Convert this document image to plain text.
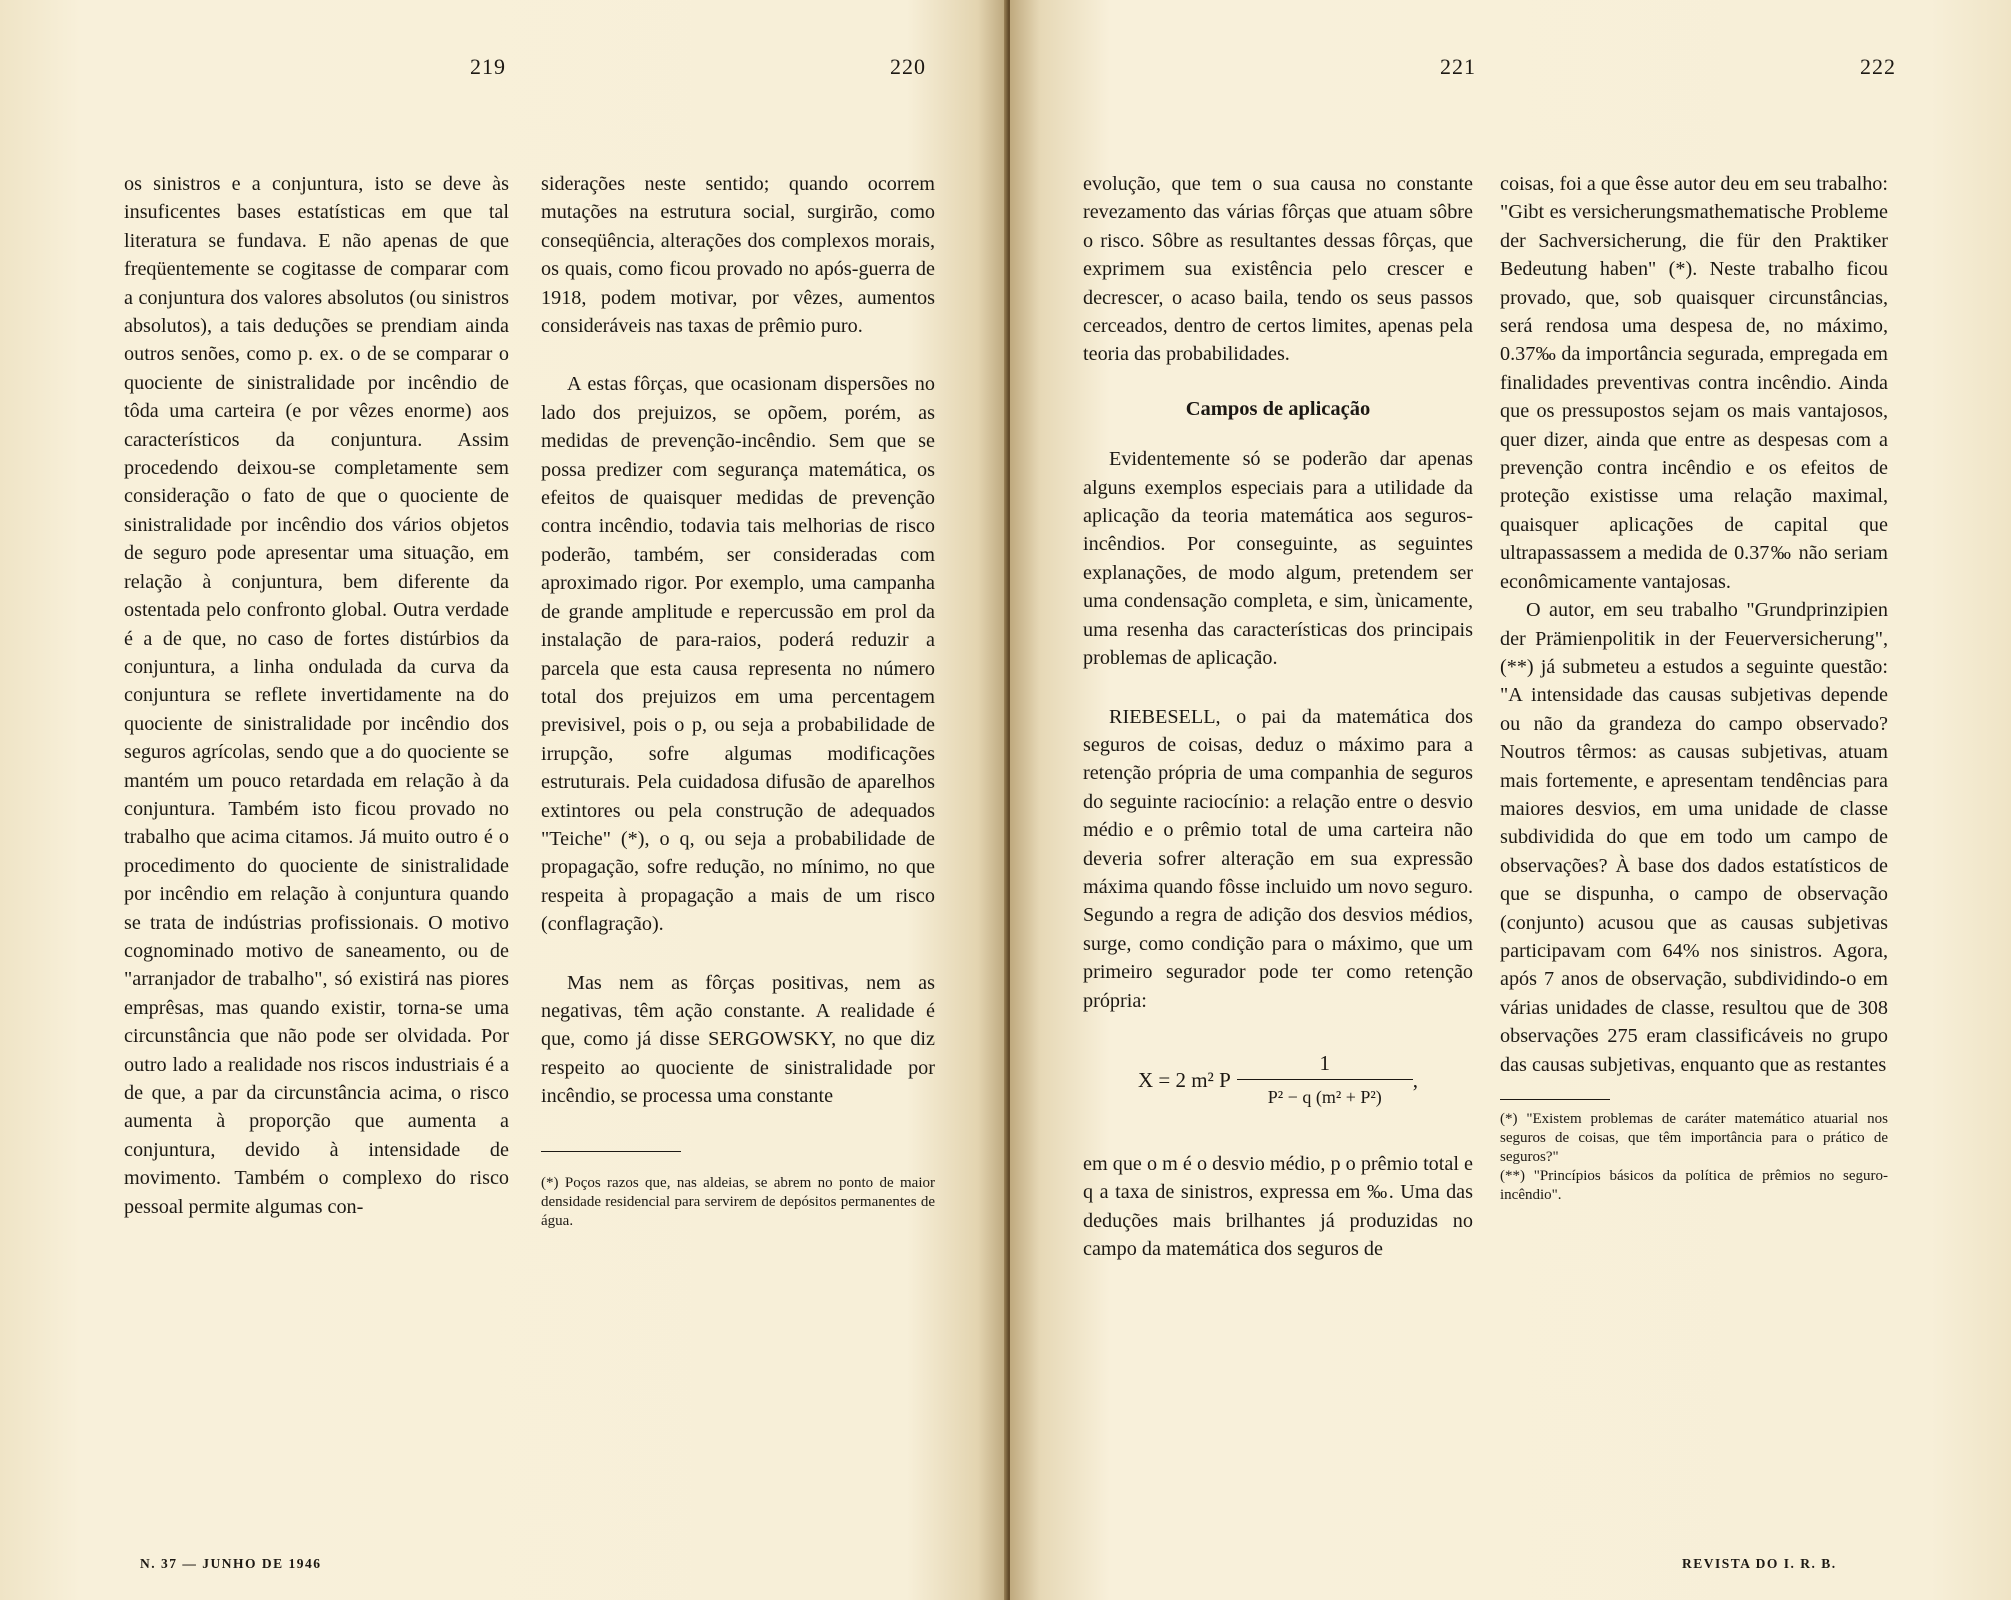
219	220

os sinistros e a conjuntura, isto se deve às insuficentes bases estatísticas em que tal literatura se fundava. E não apenas de que freqüentemente se cogitasse de comparar com a conjuntura dos valores absolutos (ou sinistros absolutos), a tais deduções se prendiam ainda outros senões, como p. ex. o de se comparar o quociente de sinistralidade por incêndio de tôda uma carteira (e por vêzes enorme) aos característicos da conjuntura. Assim procedendo deixou-se completamente sem consideração o fato de que o quociente de sinistralidade por incêndio dos vários objetos de seguro pode apresentar uma situação, em relação à conjuntura, bem diferente da ostentada pelo confronto global. Outra verdade é a de que, no caso de fortes distúrbios da conjuntura, a linha ondulada da curva da conjuntura se reflete invertidamente na do quociente de sinistralidade por incêndio dos seguros agrícolas, sendo que a do quociente se mantém um pouco retardada em relação à da conjuntura. Também isto ficou provado no trabalho que acima citamos. Já muito outro é o procedimento do quociente de sinistralidade por incêndio em relação à conjuntura quando se trata de indústrias profissionais. O motivo cognominado motivo de saneamento, ou de "arranjador de trabalho", só existirá nas piores emprêsas, mas quando existir, torna-se uma circunstância que não pode ser olvidada. Por outro lado a realidade nos riscos industriais é a de que, a par da circunstância acima, o risco aumenta à proporção que aumenta a conjuntura, devido à intensidade de movimento. Também o complexo do risco pessoal permite algumas con-

siderações neste sentido; quando ocorrem mutações na estrutura social, surgirão, como conseqüência, alterações dos complexos morais, os quais, como ficou provado no após-guerra de 1918, podem motivar, por vêzes, aumentos consideráveis nas taxas de prêmio puro.

A estas fôrças, que ocasionam dispersões no lado dos prejuizos, se opõem, porém, as medidas de prevenção-incêndio. Sem que se possa predizer com segurança matemática, os efeitos de quaisquer medidas de prevenção contra incêndio, todavia tais melhorias de risco poderão, também, ser consideradas com aproximado rigor. Por exemplo, uma campanha de grande amplitude e repercussão em prol da instalação de para-raios, poderá reduzir a parcela que esta causa representa no número total dos prejuizos em uma percentagem previsivel, pois o p, ou seja a probabilidade de irrupção, sofre algumas modificações estruturais. Pela cuidadosa difusão de aparelhos extintores ou pela construção de adequados "Teiche" (*), o q, ou seja a probabilidade de propagação, sofre redução, no mínimo, no que respeita à propagação a mais de um risco (conflagração).

Mas nem as fôrças positivas, nem as negativas, têm ação constante. A realidade é que, como já disse SERGOWSKY, no que diz respeito ao quociente de sinistralidade por incêndio, se processa uma constante

(*) Poços razos que, nas aldeias, se abrem no ponto de maior densidade residencial para servirem de depósitos permanentes de água.
N. 37 — JUNHO DE 1946
221	222

evolução, que tem o sua causa no constante revezamento das várias fôrças que atuam sôbre o risco. Sôbre as resultantes dessas fôrças, que exprimem sua existência pelo crescer e decrescer, o acaso baila, tendo os seus passos cerceados, dentro de certos limites, apenas pela teoria das probabilidades.

Campos de aplicação

Evidentemente só se poderão dar apenas alguns exemplos especiais para a utilidade da aplicação da teoria matemática aos seguros-incêndios. Por conseguinte, as seguintes explanações, de modo algum, pretendem ser uma condensação completa, e sim, ùnicamente, uma resenha das características dos principais problemas de aplicação.

RIEBESELL, o pai da matemática dos seguros de coisas, deduz o máximo para a retenção própria de uma companhia de seguros do seguinte raciocínio: a relação entre o desvio médio e o prêmio total de uma carteira não deveria sofrer alteração em sua expressão máxima quando fôsse incluido um novo seguro. Segundo a regra de adição dos desvios médios, surge, como condição para o máximo, que um primeiro segurador pode ter como retenção própria:

X = 2 m² P $\frac{1}{\text{P² − q (m² + P²)}}$ ,

em que o m é o desvio médio, p o prêmio total e q a taxa de sinistros, expressa em ‰. Uma das deduções mais brilhantes já produzidas no campo da matemática dos seguros de

coisas, foi a que êsse autor deu em seu trabalho: "Gibt es versicherungsmathematische Probleme der Sachversicherung, die für den Praktiker Bedeutung haben" (*). Neste trabalho ficou provado, que, sob quaisquer circunstâncias, será rendosa uma despesa de, no máximo, 0.37‰ da importância segurada, empregada em finalidades preventivas contra incêndio. Ainda que os pressupostos sejam os mais vantajosos, quer dizer, ainda que entre as despesas com a prevenção contra incêndio e os efeitos de proteção existisse uma relação maximal, quaisquer aplicações de capital que ultrapassassem a medida de 0.37‰ não seriam econômicamente vantajosas.

O autor, em seu trabalho "Grundprinzipien der Prämienpolitik in der Feuerversicherung", (**) já submeteu a estudos a seguinte questão: "A intensidade das causas subjetivas depende ou não da grandeza do campo observado? Noutros têrmos: as causas subjetivas, atuam mais fortemente, e apresentam tendências para maiores desvios, em uma unidade de classe subdividida do que em todo um campo de observações? À base dos dados estatísticos de que se dispunha, o campo de observação (conjunto) acusou que as causas subjetivas participavam com 64% nos sinistros. Agora, após 7 anos de observação, subdividindo-o em várias unidades de classe, resultou que de 308 observações 275 eram classificáveis no grupo das causas subjetivas, enquanto que as restantes

(*) "Existem problemas de caráter matemático atuarial nos seguros de coisas, que têm importância para o prático de seguros?"
(**) "Princípios básicos da política de prêmios no seguro-incêndio".
REVISTA DO I. R. B.
